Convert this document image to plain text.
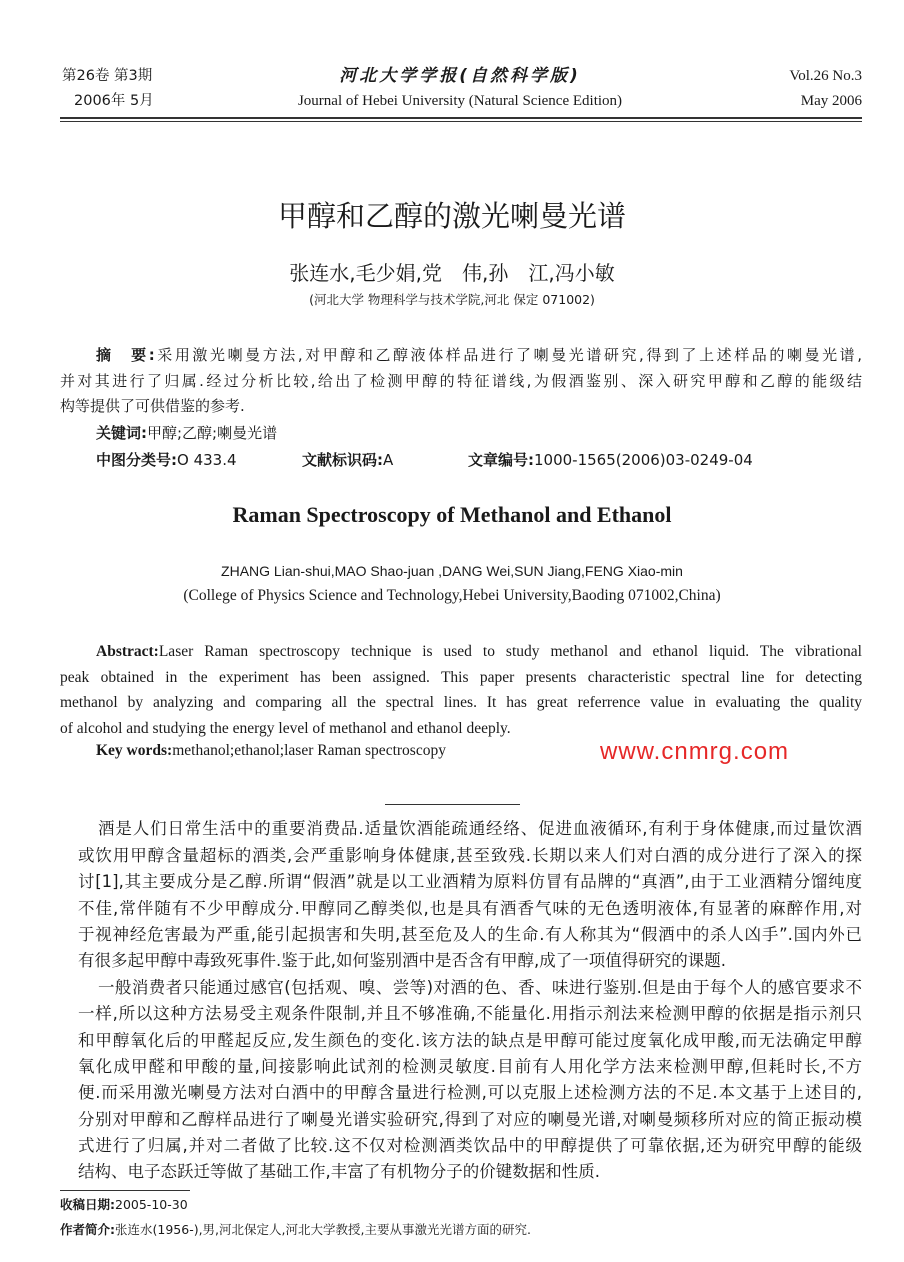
第26卷 第3期
2006年 5月
河北大学学报(自然科学版)
Journal of Hebei University (Natural Science Edition)
Vol.26 No.3
May 2006
甲醇和乙醇的激光喇曼光谱
张连水,毛少娟,党　伟,孙　江,冯小敏
(河北大学 物理科学与技术学院,河北 保定 071002)
摘　要:采用激光喇曼方法,对甲醇和乙醇液体样品进行了喇曼光谱研究,得到了上述样品的喇曼光谱,
并对其进行了归属.经过分析比较,给出了检测甲醇的特征谱线,为假酒鉴别、深入研究甲醇和乙醇的能级结
构等提供了可供借鉴的参考.
关键词:甲醇;乙醇;喇曼光谱
中图分类号:O 433.4	文献标识码:A	文章编号:1000-1565(2006)03-0249-04
Raman Spectroscopy of Methanol and Ethanol
ZHANG Lian-shui,MAO Shao-juan ,DANG Wei,SUN Jiang,FENG Xiao-min
(College of Physics Science and Technology,Hebei University,Baoding 071002,China)
Abstract:Laser Raman spectroscopy technique is used to study methanol and ethanol liquid. The vibrational
peak obtained in the experiment has been assigned. This paper presents characteristic spectral line for detecting
methanol by analyzing and comparing all the spectral lines. It has great referrence value in evaluating the quality
of alcohol and studying the energy level of methanol and ethanol deeply.
Key words:methanol;ethanol;laser Raman spectroscopy
酒是人们日常生活中的重要消费品.适量饮酒能疏通经络、促进血液循环,有利于身体健康,而过量饮酒
或饮用甲醇含量超标的酒类,会严重影响身体健康,甚至致残.长期以来人们对白酒的成分进行了深入的探
讨[1],其主要成分是乙醇.所谓“假酒”就是以工业酒精为原料仿冒有品牌的“真酒”,由于工业酒精分馏纯度
不佳,常伴随有不少甲醇成分.甲醇同乙醇类似,也是具有酒香气味的无色透明液体,有显著的麻醉作用,对
于视神经危害最为严重,能引起损害和失明,甚至危及人的生命.有人称其为“假酒中的杀人凶手”.国内外已
有很多起甲醇中毒致死事件.鉴于此,如何鉴别酒中是否含有甲醇,成了一项值得研究的课题.
一般消费者只能通过感官(包括观、嗅、尝等)对酒的色、香、味进行鉴别.但是由于每个人的感官要求不
一样,所以这种方法易受主观条件限制,并且不够准确,不能量化.用指示剂法来检测甲醇的依据是指示剂只
和甲醇氧化后的甲醛起反应,发生颜色的变化.该方法的缺点是甲醇可能过度氧化成甲酸,而无法确定甲醇
氧化成甲醛和甲酸的量,间接影响此试剂的检测灵敏度.目前有人用化学方法来检测甲醇,但耗时长,不方
便.而采用激光喇曼方法对白酒中的甲醇含量进行检测,可以克服上述检测方法的不足.本文基于上述目的,
分别对甲醇和乙醇样品进行了喇曼光谱实验研究,得到了对应的喇曼光谱,对喇曼频移所对应的简正振动模
式进行了归属,并对二者做了比较.这不仅对检测酒类饮品中的甲醇提供了可靠依据,还为研究甲醇的能级
结构、电子态跃迁等做了基础工作,丰富了有机物分子的价键数据和性质.
收稿日期:2005-10-30
作者简介:张连水(1956-),男,河北保定人,河北大学教授,主要从事激光光谱方面的研究.
www.cnmrg.com
